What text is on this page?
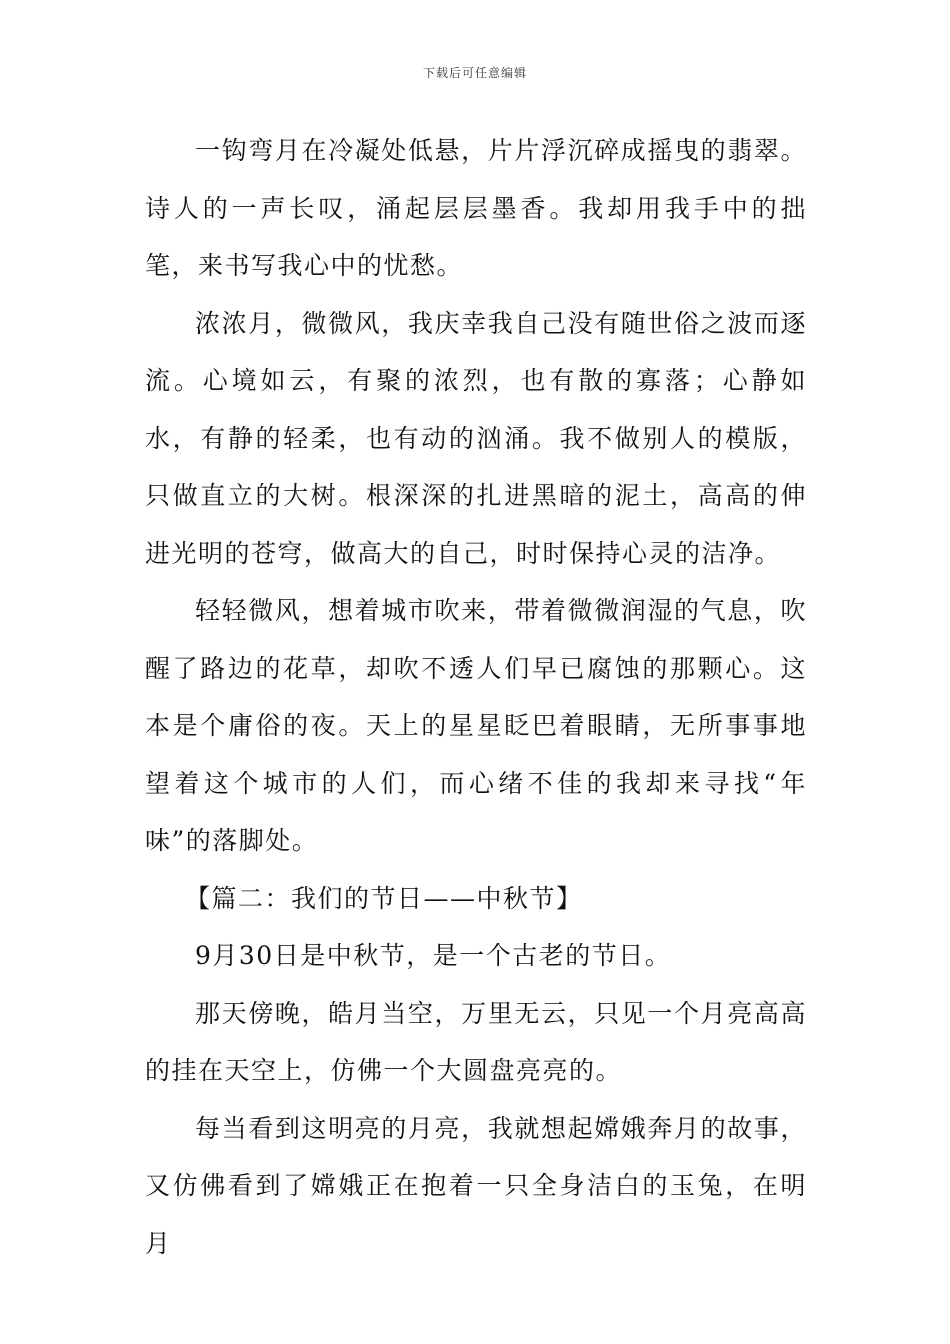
下载后可任意编辑

一钩弯月在冷凝处低悬，片片浮沉碎成摇曳的翡翠。诗人的一声长叹，涌起层层墨香。我却用我手中的拙笔，来书写我心中的忧愁。

浓浓月，微微风，我庆幸我自己没有随世俗之波而逐流。心境如云，有聚的浓烈，也有散的寡落；心静如水，有静的轻柔，也有动的汹涌。我不做别人的模版，只做直立的大树。根深深的扎进黑暗的泥土，高高的伸进光明的苍穹，做高大的自己，时时保持心灵的洁净。

轻轻微风，想着城市吹来，带着微微润湿的气息，吹醒了路边的花草，却吹不透人们早已腐蚀的那颗心。这本是个庸俗的夜。天上的星星眨巴着眼睛，无所事事地望着这个城市的人们，而心绪不佳的我却来寻找“年味”的落脚处。

【篇二：我们的节日——中秋节】

9月30日是中秋节，是一个古老的节日。

那天傍晚，皓月当空，万里无云，只见一个月亮高高的挂在天空上，仿佛一个大圆盘亮亮的。

每当看到这明亮的月亮，我就想起嫦娥奔月的故事，又仿佛看到了嫦娥正在抱着一只全身洁白的玉兔，在明月
